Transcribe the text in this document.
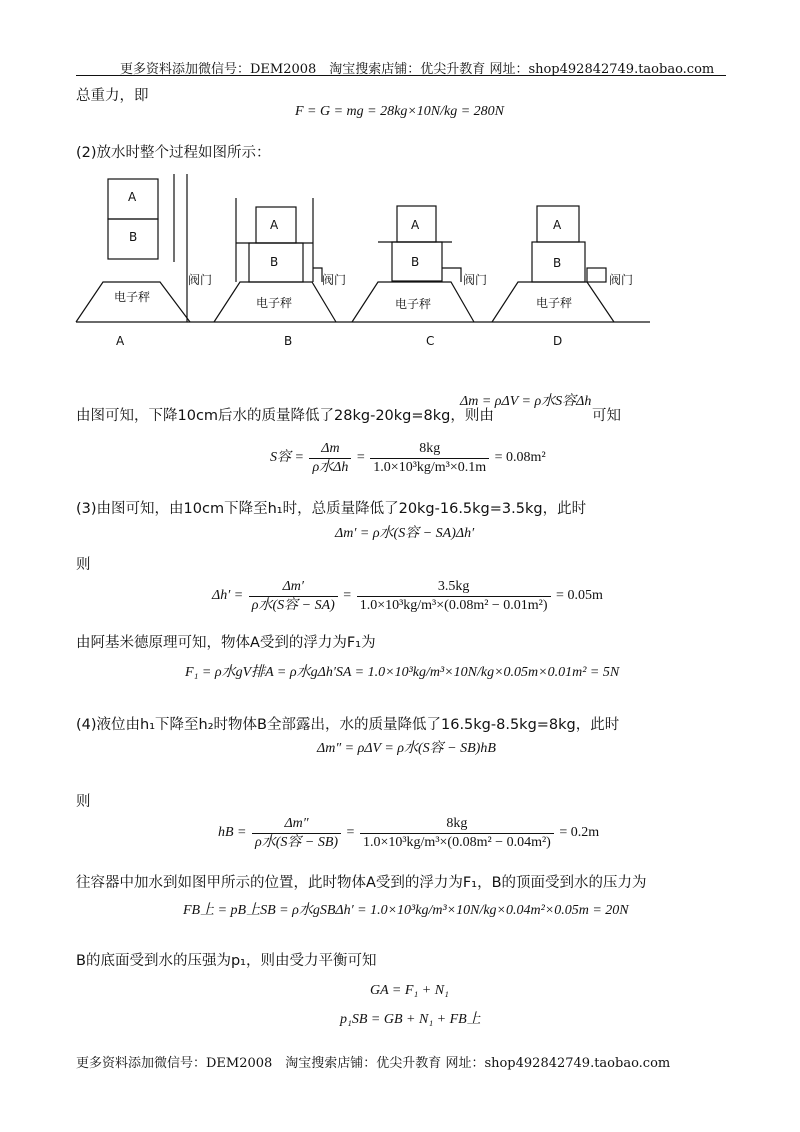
更多资料添加微信号：DEM2008　淘宝搜索店铺：优尖升教育 网址：shop492842749.taobao.com
总重力，即
F = G = mg = 28kg×10N/kg = 280N
(2)放水时整个过程如图所示：
A
B
电子秤
阀门
A
A
B
电子秤
阀门
B
A
B
电子秤
阀门
C
A
B
电子秤
阀门
D
由图可知，下降10cm后水的质量降低了28kg-20kg=8kg，则由
Δm = ρΔV = ρ水S容Δh
可知
S容 = $\frac{\Delta m}{\text{ρ水Δh}} = \frac{8kg}{\text{1.0×10³kg/m³×0.1m}} = 0.08m^2$
(3)由图可知，由10cm下降至h₁时，总质量降低了20kg-16.5kg=3.5kg，此时
Δm′ = ρ水(S容 − SA)Δh′
则
$\Delta h' = \frac{\Delta m'}{\text{ρ水(S容 − SA)}} = \frac{3.5kg}{\text{1.0×10³kg/m³×(0.08m² − 0.01m²)}} = 0.05m$
由阿基米德原理可知，物体A受到的浮力为F₁为
F₁ = ρ水gV排A = ρ水gΔh′SA = 1.0×10³kg/m³×10N/kg×0.05m×0.01m² = 5N
(4)液位由h₁下降至h₂时物体B全部露出，水的质量降低了16.5kg-8.5kg=8kg，此时
Δm″ = ρΔV = ρ水(S容 − SB)hB
则
hB = $\frac{\Delta m''}{\text{ρ水(S容 − SB)}} = \frac{8kg}{\text{1.0×10³kg/m³×(0.08m² − 0.04m²)}} = 0.2m$
往容器中加水到如图甲所示的位置，此时物体A受到的浮力为F₁，B的顶面受到水的压力为
FB上 = pB上SB = ρ水gSBΔh′ = 1.0×10³kg/m³×10N/kg×0.04m²×0.05m = 20N
B的底面受到水的压强为p₁，则由受力平衡可知
GA = F₁ + N₁
p₁SB = GB + N₁ + FB上
更多资料添加微信号：DEM2008　淘宝搜索店铺：优尖升教育 网址：shop492842749.taobao.com
